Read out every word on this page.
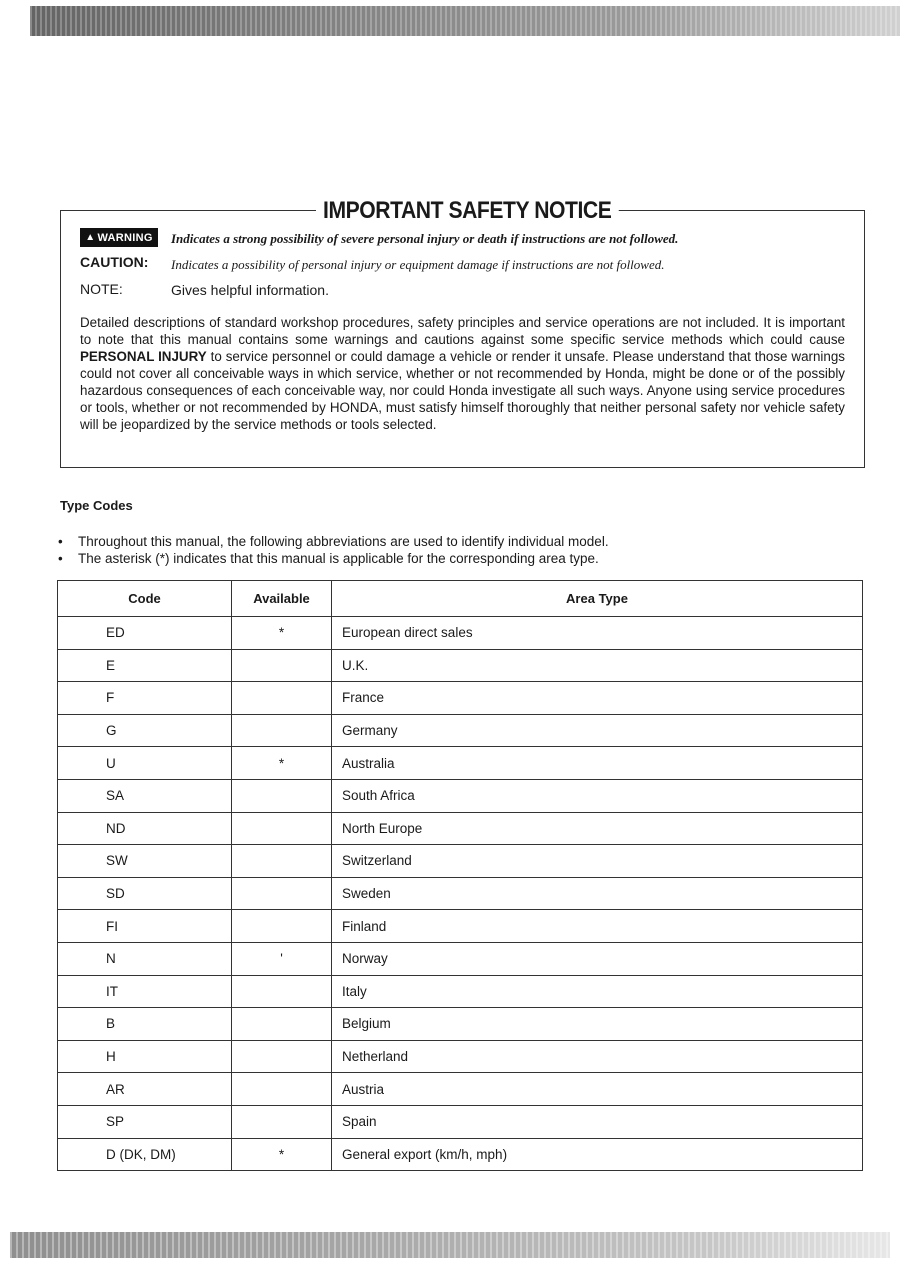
IMPORTANT SAFETY NOTICE
▲ WARNING Indicates a strong possibility of severe personal injury or death if instructions are not followed.
CAUTION: Indicates a possibility of personal injury or equipment damage if instructions are not followed.
NOTE:	Gives helpful information.
Detailed descriptions of standard workshop procedures, safety principles and service operations are not included. It is important to note that this manual contains some warnings and cautions against some specific service methods which could cause PERSONAL INJURY to service personnel or could damage a vehicle or render it unsafe. Please understand that those warnings could not cover all conceivable ways in which service, whether or not recommended by Honda, might be done or of the possibly hazardous consequences of each conceivable way, nor could Honda investigate all such ways. Anyone using service procedures or tools, whether or not recommended by HONDA, must satisfy himself thoroughly that neither personal safety nor vehicle safety will be jeopardized by the service methods or tools selected.
Type Codes
•	Throughout this manual, the following abbreviations are used to identify individual model.
•	The asterisk (*) indicates that this manual is applicable for the corresponding area type.
Code	Available	Area Type
ED	*	European direct sales
E		U.K.
F		France
G		Germany
U	*	Australia
SA		South Africa
ND		North Europe
SW		Switzerland
SD		Sweden
FI		Finland
N	'	Norway
IT		Italy
B		Belgium
H		Netherland
AR		Austria
SP		Spain
D (DK, DM)	*	General export (km/h, mph)
